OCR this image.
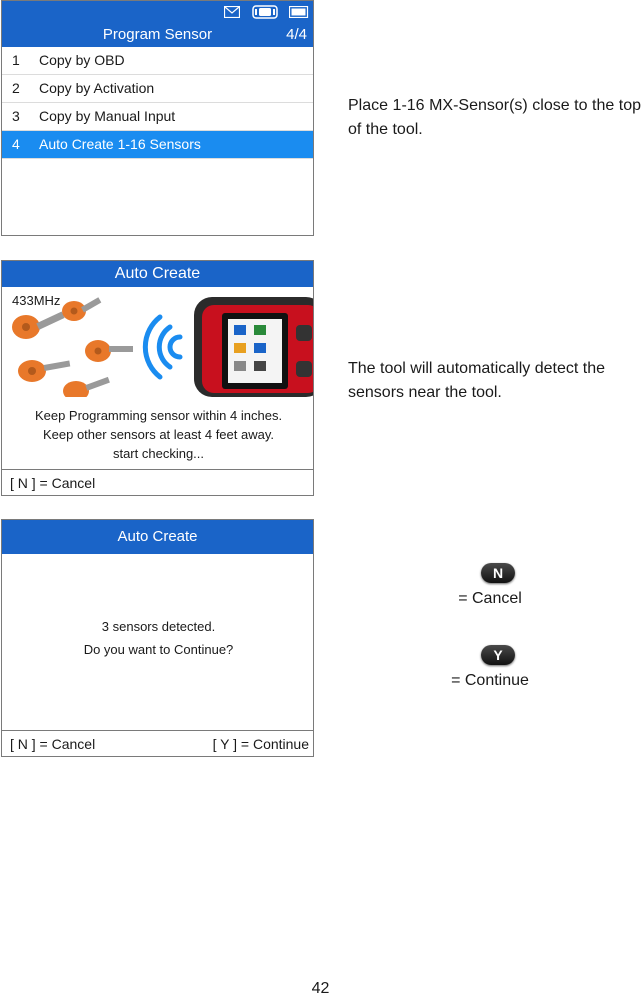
Program Sensor	4/4
1 Copy by OBD
2 Copy by Activation
3 Copy by Manual Input
4 Auto Create 1-16 Sensors
Auto Create
433MHz
Keep Programming sensor within 4 inches.
Keep other sensors at least 4 feet away.
start checking...
[ N ] = Cancel
Auto Create
3 sensors detected.
Do you want to Continue?
[ N ] = Cancel	[ Y ] = Continue
Place 1-16 MX-Sensor(s) close to the top of the tool.
The tool will automatically detect the sensors near the tool.
N
= Cancel
Y
= Continue
42
